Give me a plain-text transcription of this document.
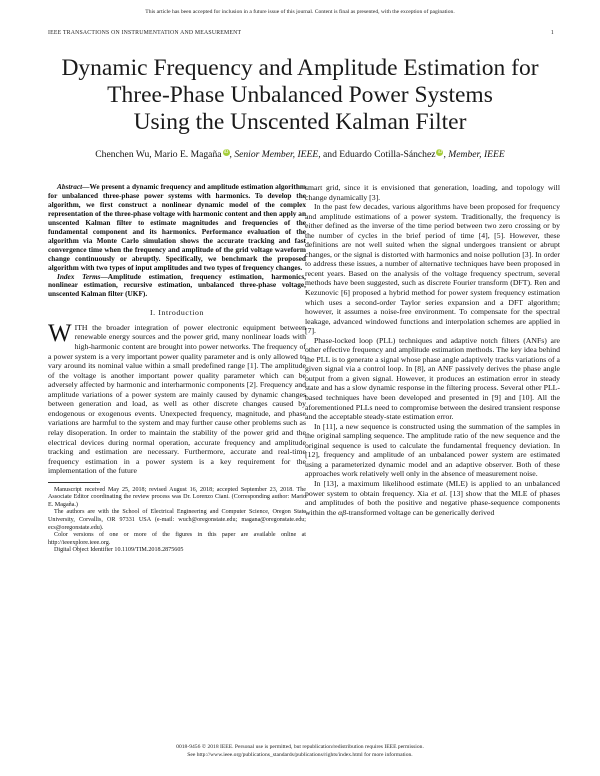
This article has been accepted for inclusion in a future issue of this journal. Content is final as presented, with the exception of pagination.
IEEE TRANSACTIONS ON INSTRUMENTATION AND MEASUREMENT	1
Dynamic Frequency and Amplitude Estimation for
Three-Phase Unbalanced Power Systems
Using the Unscented Kalman Filter
Chenchen Wu, Mario E. Magaña iD, Senior Member, IEEE, and Eduardo Cotilla-Sánchez iD, Member, IEEE

Abstract—We present a dynamic frequency and amplitude estimation algorithm for unbalanced three-phase power systems with harmonics. To develop the algorithm, we first construct a nonlinear dynamic model of the complex representation of the three-phase voltage with harmonic content and then apply an unscented Kalman filter to estimate magnitudes and frequencies of the fundamental component and its harmonics. Performance evaluation of the algorithm via Monte Carlo simulation shows the accurate tracking and fast convergence time when the frequency and amplitude of the grid voltage waveform change continuously or abruptly. Specifically, we benchmark the proposed algorithm with two types of input amplitudes and two types of frequency changes.

Index Terms—Amplitude estimation, frequency estimation, harmonics, nonlinear estimation, recursive estimation, unbalanced three-phase voltage, unscented Kalman filter (UKF).

I. Introduction

WITH the broader integration of power electronic equipment between renewable energy sources and the power grid, many nonlinear loads with high-harmonic content are brought into power networks. The frequency of a power system is a very important power quality parameter and is only allowed to vary around its nominal value within a small predefined range [1]. The amplitude of the voltage is another important power quality parameter which can be adversely affected by harmonic and interharmonic components [2]. Frequency and amplitude variations of a power system are mainly caused by dynamic changes between generation and load, as well as other discrete changes caused by endogenous or exogenous events. Unexpected frequency, magnitude, and phase variations are harmful to the system and may further cause other problems such as relay disoperation. In order to maintain the stability of the power grid and the electrical devices during normal operation, accurate frequency and amplitude tracking and estimation are necessary. Furthermore, accurate and real-time frequency estimation in a power system is a key requirement for the implementation of the future

Manuscript received May 25, 2018; revised August 16, 2018; accepted September 23, 2018. The Associate Editor coordinating the review process was Dr. Lorenzo Ciani. (Corresponding author: Mario E. Magaña.)

The authors are with the School of Electrical Engineering and Computer Science, Oregon State University, Corvallis, OR 97331 USA (e-mail: wuch@oregonstate.edu; magana@oregonstate.edu; ecs@oregonstate.edu).

Color versions of one or more of the figures in this paper are available online at http://ieeexplore.ieee.org.

Digital Object Identifier 10.1109/TIM.2018.2875605

smart grid, since it is envisioned that generation, loading, and topology will change dynamically [3].

In the past few decades, various algorithms have been proposed for frequency and amplitude estimations of a power system. Traditionally, the frequency is either defined as the inverse of the time period between two zero crossing or by the number of cycles in the brief period of time [4], [5]. However, these definitions are not well suited when the signal undergoes transient or abrupt changes, or the signal is distorted with harmonics and noise pollution [3]. In order to address these issues, a number of alternative techniques have been proposed in recent years. Based on the analysis of the voltage frequency spectrum, several methods have been suggested, such as discrete Fourier transform (DFT). Ren and Kezunovic [6] proposed a hybrid method for power system frequency estimation which uses a second-order Taylor series expansion and a DFT algorithm; however, it assumes a noise-free environment. To compensate for the spectral leakage, advanced windowed functions and interpolation schemes are applied in [7].

Phase-locked loop (PLL) techniques and adaptive notch filters (ANFs) are other effective frequency and amplitude estimation methods. The key idea behind the PLL is to generate a signal whose phase angle adaptively tracks variations of a given signal via a control loop. In [8], an ANF passively derives the phase angle output from a given signal. However, it produces an estimation error in steady state and has a slow dynamic response in the filtering process. Several other PLL-based techniques have been developed and presented in [9] and [10]. All the aforementioned PLLs need to compromise between the desired transient response and the acceptable steady-state estimation error.

In [11], a new sequence is constructed using the summation of the samples in the original sampling sequence. The amplitude ratio of the new sequence and the original sequence is used to calculate the fundamental frequency deviation. In [12], frequency and amplitude of an unbalanced power system are estimated using a parameterized dynamic model and an adaptive observer. Both of these approaches work relatively well only in the absence of measurement noise.

In [13], a maximum likelihood estimate (MLE) is applied to an unbalanced power system to obtain frequency. Xia et al. [13] show that the MLE of phases and amplitudes of both the positive and negative phase-sequence components within the αβ-transformed voltage can be generically derived

0018-9456 © 2018 IEEE. Personal use is permitted, but republication/redistribution requires IEEE permission.
See http://www.ieee.org/publications_standards/publications/rights/index.html for more information.
